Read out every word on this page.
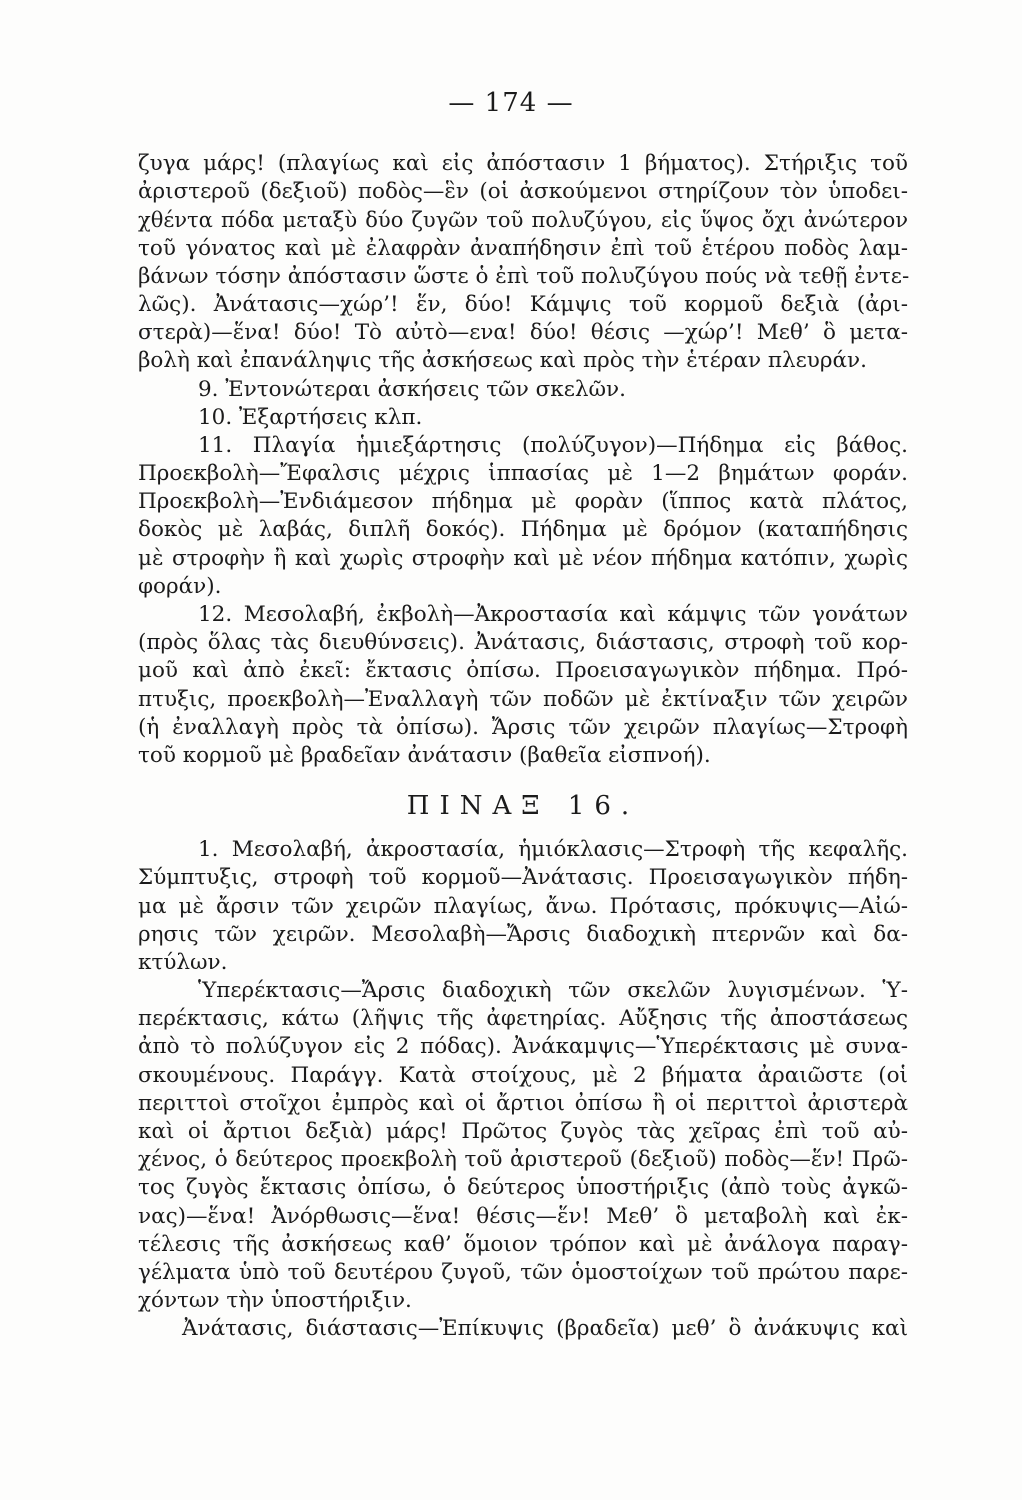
— 174 —
ζυγα μάρς! (πλαγίως καὶ εἰς ἀπόστασιν 1 βήματος). Στήριξις τοῦ
ἀριστεροῦ (δεξιοῦ) ποδὸς—ἓν (οἱ ἀσκούμενοι στηρίζουν τὸν ὑποδει-
χθέντα πόδα μεταξὺ δύο ζυγῶν τοῦ πολυζύγου, εἰς ὕψος ὄχι ἀνώτερον
τοῦ γόνατος καὶ μὲ ἐλαφρὰν ἀναπήδησιν ἐπὶ τοῦ ἑτέρου ποδὸς λαμ-
βάνων τόσην ἀπόστασιν ὥστε ὁ ἐπὶ τοῦ πολυζύγου πούς νὰ τεθῇ ἐντε-
λῶς). Ἀνάτασις—χώρ’! ἕν, δύο! Κάμψις τοῦ κορμοῦ δεξιὰ (ἀρι-
στερὰ)—ἕνα! δύο! Τὸ αὐτὸ—ενα! δύο! θέσις —χώρ’! Μεθ’ ὃ μετα-
βολὴ καὶ ἐπανάληψις τῆς ἀσκήσεως καὶ πρὸς τὴν ἑτέραν πλευράν.
9. Ἐντονώτεραι ἀσκήσεις τῶν σκελῶν.
10. Ἐξαρτήσεις κλπ.
11. Πλαγία ἡμιεξάρτησις (πολύζυγον)—Πήδημα εἰς βάθος.
Προεκβολὴ—Ἔφαλσις μέχρις ἱππασίας μὲ 1—2 βημάτων φοράν.
Προεκβολὴ—Ἐνδιάμεσον πήδημα μὲ φορὰν (ἵππος κατὰ πλάτος,
δοκὸς μὲ λαβάς, διπλῆ δοκός). Πήδημα μὲ δρόμον (καταπήδησις
μὲ στροφὴν ἢ καὶ χωρὶς στροφὴν καὶ μὲ νέον πήδημα κατόπιν, χωρὶς
φοράν).
12. Μεσολαβή, ἐκβολὴ—Ἀκροστασία καὶ κάμψις τῶν γονάτων
(πρὸς ὅλας τὰς διευθύνσεις). Ἀνάτασις, διάστασις, στροφὴ τοῦ κορ-
μοῦ καὶ ἀπὸ ἐκεῖ: ἔκτασις ὀπίσω. Προεισαγωγικὸν πήδημα. Πρό-
πτυξις, προεκβολὴ—Ἐναλλαγὴ τῶν ποδῶν μὲ ἐκτίναξιν τῶν χειρῶν
(ἡ ἐναλλαγὴ πρὸς τὰ ὀπίσω). Ἄρσις τῶν χειρῶν πλαγίως—Στροφὴ
τοῦ κορμοῦ μὲ βραδεῖαν ἀνάτασιν (βαθεῖα εἰσπνοή).
ΠΙΝΑΞ 16.
1. Μεσολαβή, ἀκροστασία, ἡμιόκλασις—Στροφὴ τῆς κεφαλῆς.
Σύμπτυξις, στροφὴ τοῦ κορμοῦ—Ἀνάτασις. Προεισαγωγικὸν πήδη-
μα μὲ ἄρσιν τῶν χειρῶν πλαγίως, ἄνω. Πρότασις, πρόκυψις—Αἰώ-
ρησις τῶν χειρῶν. Μεσολαβὴ—Ἄρσις διαδοχικὴ πτερνῶν καὶ δα-
κτύλων.
Ὑπερέκτασις—Ἄρσις διαδοχικὴ τῶν σκελῶν λυγισμένων. Ὑ-
περέκτασις, κάτω (λῆψις τῆς ἀφετηρίας. Αὔξησις τῆς ἀποστάσεως
ἀπὸ τὸ πολύζυγον εἰς 2 πόδας). Ἀνάκαμψις—Ὑπερέκτασις μὲ συνα-
σκουμένους. Παράγγ. Κατὰ στοίχους, μὲ 2 βήματα ἀραιῶστε (οἱ
περιττοὶ στοῖχοι ἐμπρὸς καὶ οἱ ἄρτιοι ὀπίσω ἢ οἱ περιττοὶ ἀριστερὰ
καὶ οἱ ἄρτιοι δεξιὰ) μάρς! Πρῶτος ζυγὸς τὰς χεῖρας ἐπὶ τοῦ αὐ-
χένος, ὁ δεύτερος προεκβολὴ τοῦ ἀριστεροῦ (δεξιοῦ) ποδὸς—ἕν! Πρῶ-
τος ζυγὸς ἔκτασις ὀπίσω, ὁ δεύτερος ὑποστήριξις (ἀπὸ τοὺς ἀγκῶ-
νας)—ἕνα! Ἀνόρθωσις—ἕνα! θέσις—ἕν! Μεθ’ ὃ μεταβολὴ καὶ ἐκ-
τέλεσις τῆς ἀσκήσεως καθ’ ὅμοιον τρόπον καὶ μὲ ἀνάλογα παραγ-
γέλματα ὑπὸ τοῦ δευτέρου ζυγοῦ, τῶν ὁμοστοίχων τοῦ πρώτου παρε-
χόντων τὴν ὑποστήριξιν.
Ἀνάτασις, διάστασις—Ἐπίκυψις (βραδεῖα) μεθ’ ὃ ἀνάκυψις καὶ
